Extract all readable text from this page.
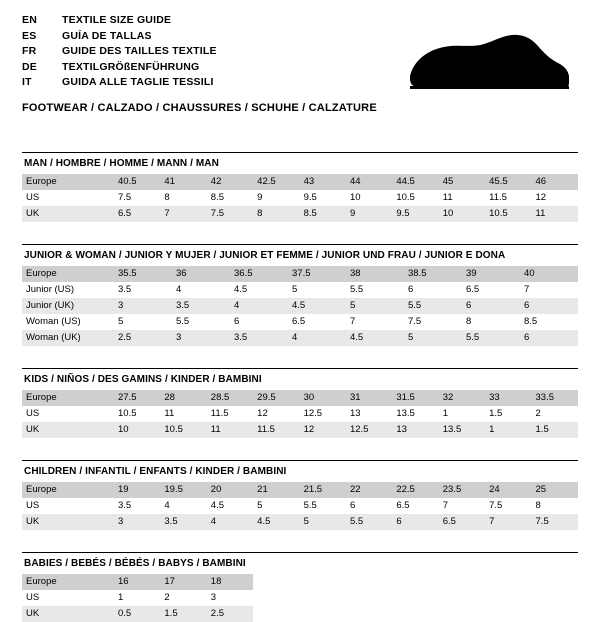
EN	TEXTILE SIZE GUIDE
ES	GUÍA DE TALLAS
FR	GUIDE DES TAILLES TEXTILE
DE	TEXTILGRÖßENFÜHRUNG
IT	GUIDA ALLE TAGLIE TESSILI
FOOTWEAR / CALZADO / CHAUSSURES / SCHUHE / CALZATURE
MAN / HOMBRE / HOMME / MANN / MAN
Europe	40.5	41	42	42.5	43	44	44.5	45	45.5	46
US	7.5	8	8.5	9	9.5	10	10.5	11	11.5	12
UK	6.5	7	7.5	8	8.5	9	9.5	10	10.5	11
JUNIOR & WOMAN / JUNIOR Y MUJER / JUNIOR ET FEMME / JUNIOR UND FRAU / JUNIOR E DONA
Europe	35.5	36	36.5	37.5	38	38.5	39	40
Junior (US)	3.5	4	4.5	5	5.5	6	6.5	7
Junior (UK)	3	3.5	4	4.5	5	5.5	6	6
Woman (US)	5	5.5	6	6.5	7	7.5	8	8.5
Woman (UK)	2.5	3	3.5	4	4.5	5	5.5	6
KIDS / NIÑOS / DES GAMINS / KINDER / BAMBINI
Europe	27.5	28	28.5	29.5	30	31	31.5	32	33	33.5
US	10.5	11	11.5	12	12.5	13	13.5	1	1.5	2
UK	10	10.5	11	11.5	12	12.5	13	13.5	1	1.5
CHILDREN / INFANTIL / ENFANTS / KINDER / BAMBINI
Europe	19	19.5	20	21	21.5	22	22.5	23.5	24	25
US	3.5	4	4.5	5	5.5	6	6.5	7	7.5	8
UK	3	3.5	4	4.5	5	5.5	6	6.5	7	7.5
BABIES / BEBÉS / BÉBÉS / BABYS / BAMBINI
Europe	16	17	18							
US	1	2	3							
UK	0.5	1.5	2.5							
